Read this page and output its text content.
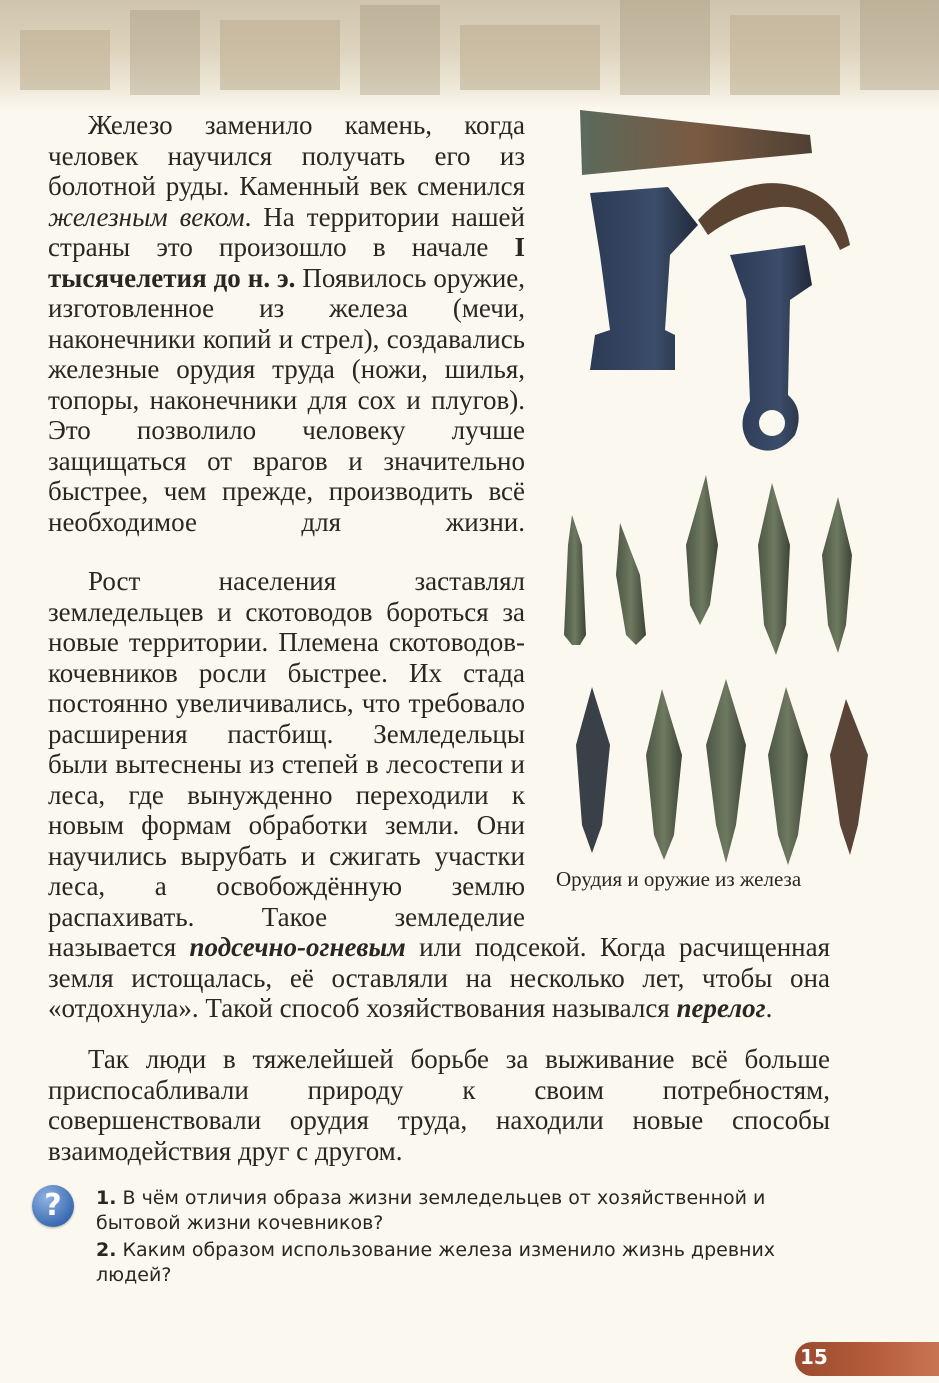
Железо заменило камень, когда человек научился получать его из болотной руды. Каменный век сменился железным веком. На территории нашей страны это произошло в начале I тысячелетия до н. э. Появилось оружие, изготовленное из железа (мечи, наконечники копий и стрел), создавались железные орудия труда (ножи, шилья, топоры, наконечники для сох и плугов). Это позволило человеку лучше защищаться от врагов и значительно быстрее, чем прежде, производить всё необходимое для жизни.

Рост населения заставлял земледельцев и скотоводов бороться за новые территории. Племена скотоводов-кочевников росли быстрее. Их стада постоянно увеличивались, что требовало расширения пастбищ. Земледельцы были вытеснены из степей в лесостепи и леса, где вынужденно переходили к новым формам обработки земли. Они научились вырубать и сжигать участки леса, а освобождённую землю распахивать. Такое земледелие называется подсечно-огневым или подсекой. Когда расчищенная земля истощалась, её оставляли на несколько лет, чтобы она «отдохнула». Такой способ хозяйствования назывался перелог.

Так люди в тяжелейшей борьбе за выживание всё больше приспосабливали природу к своим потребностям, совершенствовали орудия труда, находили новые способы взаимодействия друг с другом.

Орудия и оружие из железа
?	1. В чём отличия образа жизни земледельцев от хозяйственной и бытовой жизни кочевников?

2. Каким образом использование железа изменило жизнь древних людей?

15
